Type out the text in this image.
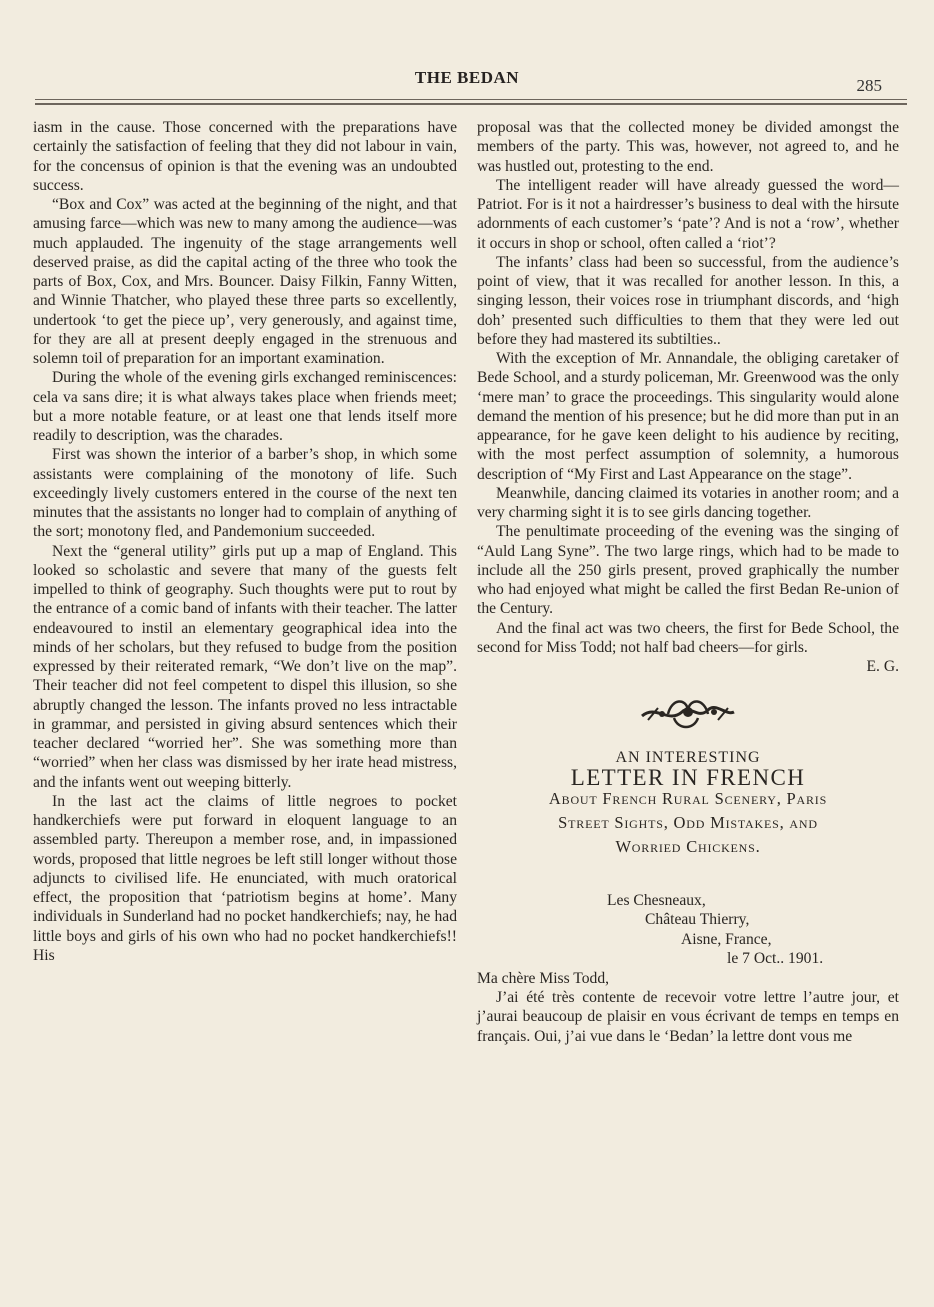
THE BEDAN	285

iasm in the cause. Those concerned with the preparations have certainly the satisfaction of feeling that they did not labour in vain, for the concensus of opinion is that the evening was an undoubted success.

“Box and Cox” was acted at the beginning of the night, and that amusing farce—which was new to many among the audience—was much applauded. The ingenuity of the stage arrangements well deserved praise, as did the capital acting of the three who took the parts of Box, Cox, and Mrs. Bouncer. Daisy Filkin, Fanny Witten, and Winnie Thatcher, who played these three parts so excellently, undertook ‘to get the piece up’, very generously, and against time, for they are all at present deeply engaged in the strenuous and solemn toil of preparation for an important examination.

During the whole of the evening girls exchanged reminiscences: cela va sans dire; it is what always takes place when friends meet; but a more notable feature, or at least one that lends itself more readily to description, was the charades.

First was shown the interior of a barber’s shop, in which some assistants were complaining of the monotony of life. Such exceedingly lively customers entered in the course of the next ten minutes that the assistants no longer had to complain of anything of the sort; monotony fled, and Pandemonium succeeded.

Next the “general utility” girls put up a map of England. This looked so scholastic and severe that many of the guests felt impelled to think of geography. Such thoughts were put to rout by the entrance of a comic band of infants with their teacher. The latter endeavoured to instil an elementary geographical idea into the minds of her scholars, but they refused to budge from the position expressed by their reiterated remark, “We don’t live on the map”. Their teacher did not feel competent to dispel this illusion, so she abruptly changed the lesson. The infants proved no less intractable in grammar, and persisted in giving absurd sentences which their teacher declared “worried her”. She was something more than “worried” when her class was dismissed by her irate head mistress, and the infants went out weeping bitterly.

In the last act the claims of little negroes to pocket handkerchiefs were put forward in eloquent language to an assembled party. Thereupon a member rose, and, in impassioned words, proposed that little negroes be left still longer without those adjuncts to civilised life. He enunciated, with much oratorical effect, the proposition that ‘patriotism begins at home’. Many individuals in Sunderland had no pocket handkerchiefs; nay, he had little boys and girls of his own who had no pocket handkerchiefs!! His

proposal was that the collected money be divided amongst the members of the party. This was, however, not agreed to, and he was hustled out, protesting to the end.

The intelligent reader will have already guessed the word—Patriot. For is it not a hairdresser’s business to deal with the hirsute adornments of each customer’s ‘pate’? And is not a ‘row’, whether it occurs in shop or school, often called a ‘riot’?

The infants’ class had been so successful, from the audience’s point of view, that it was recalled for another lesson. In this, a singing lesson, their voices rose in triumphant discords, and ‘high doh’ presented such difficulties to them that they were led out before they had mastered its subtilties..

With the exception of Mr. Annandale, the obliging caretaker of Bede School, and a sturdy policeman, Mr. Greenwood was the only ‘mere man’ to grace the proceedings. This singularity would alone demand the mention of his presence; but he did more than put in an appearance, for he gave keen delight to his audience by reciting, with the most perfect assumption of solemnity, a humorous description of “My First and Last Appearance on the stage”.

Meanwhile, dancing claimed its votaries in another room; and a very charming sight it is to see girls dancing together.

The penultimate proceeding of the evening was the singing of “Auld Lang Syne”. The two large rings, which had to be made to include all the 250 girls present, proved graphically the number who had enjoyed what might be called the first Bedan Re-union of the Century.

And the final act was two cheers, the first for Bede School, the second for Miss Todd; not half bad cheers—for girls.

E. G.

AN INTERESTING

LETTER IN FRENCH

About French Rural Scenery, Paris

Street Sights, Odd Mistakes, and

Worried Chickens.

Les Chesneaux,
Château Thierry,
Aisne, France,
le 7 Oct.. 1901.

Ma chère Miss Todd,

J’ai été très contente de recevoir votre lettre l’autre jour, et j’aurai beaucoup de plaisir en vous écrivant de temps en temps en français. Oui, j’ai vue dans le ‘Bedan’ la lettre dont vous me
